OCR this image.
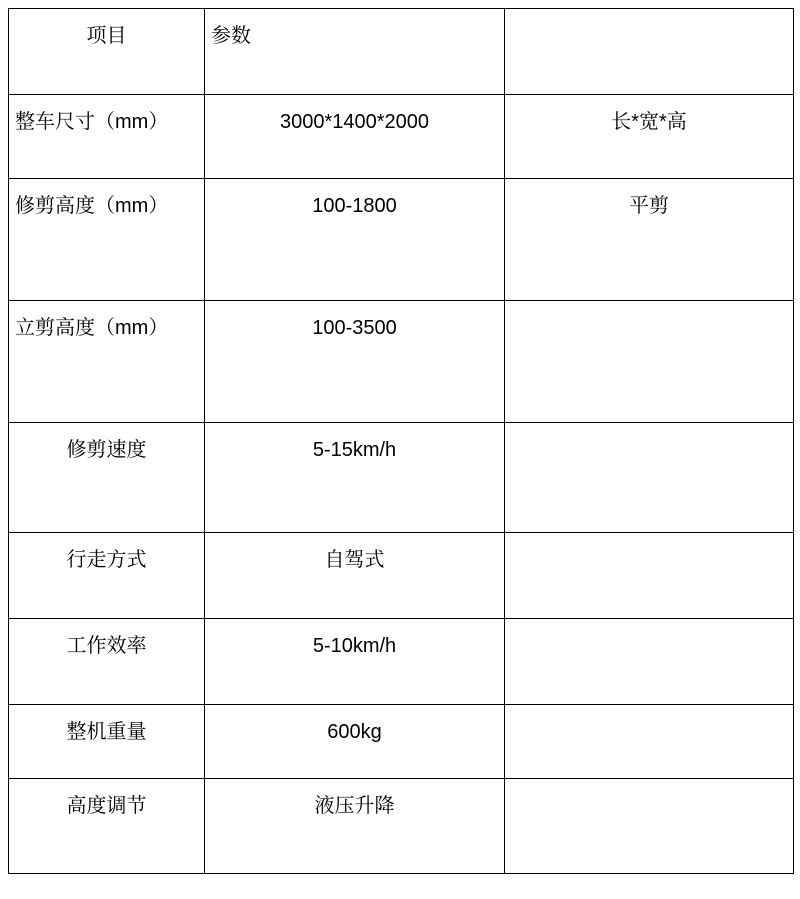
项目	参数	
整车尺寸（mm）	3000*1400*2000	长*宽*高
修剪高度（mm）	100-1800	平剪
立剪高度（mm）	100-3500	
修剪速度	5-15km/h	
行走方式	自驾式	
工作效率	5-10km/h	
整机重量	600kg	
高度调节	液压升降	
